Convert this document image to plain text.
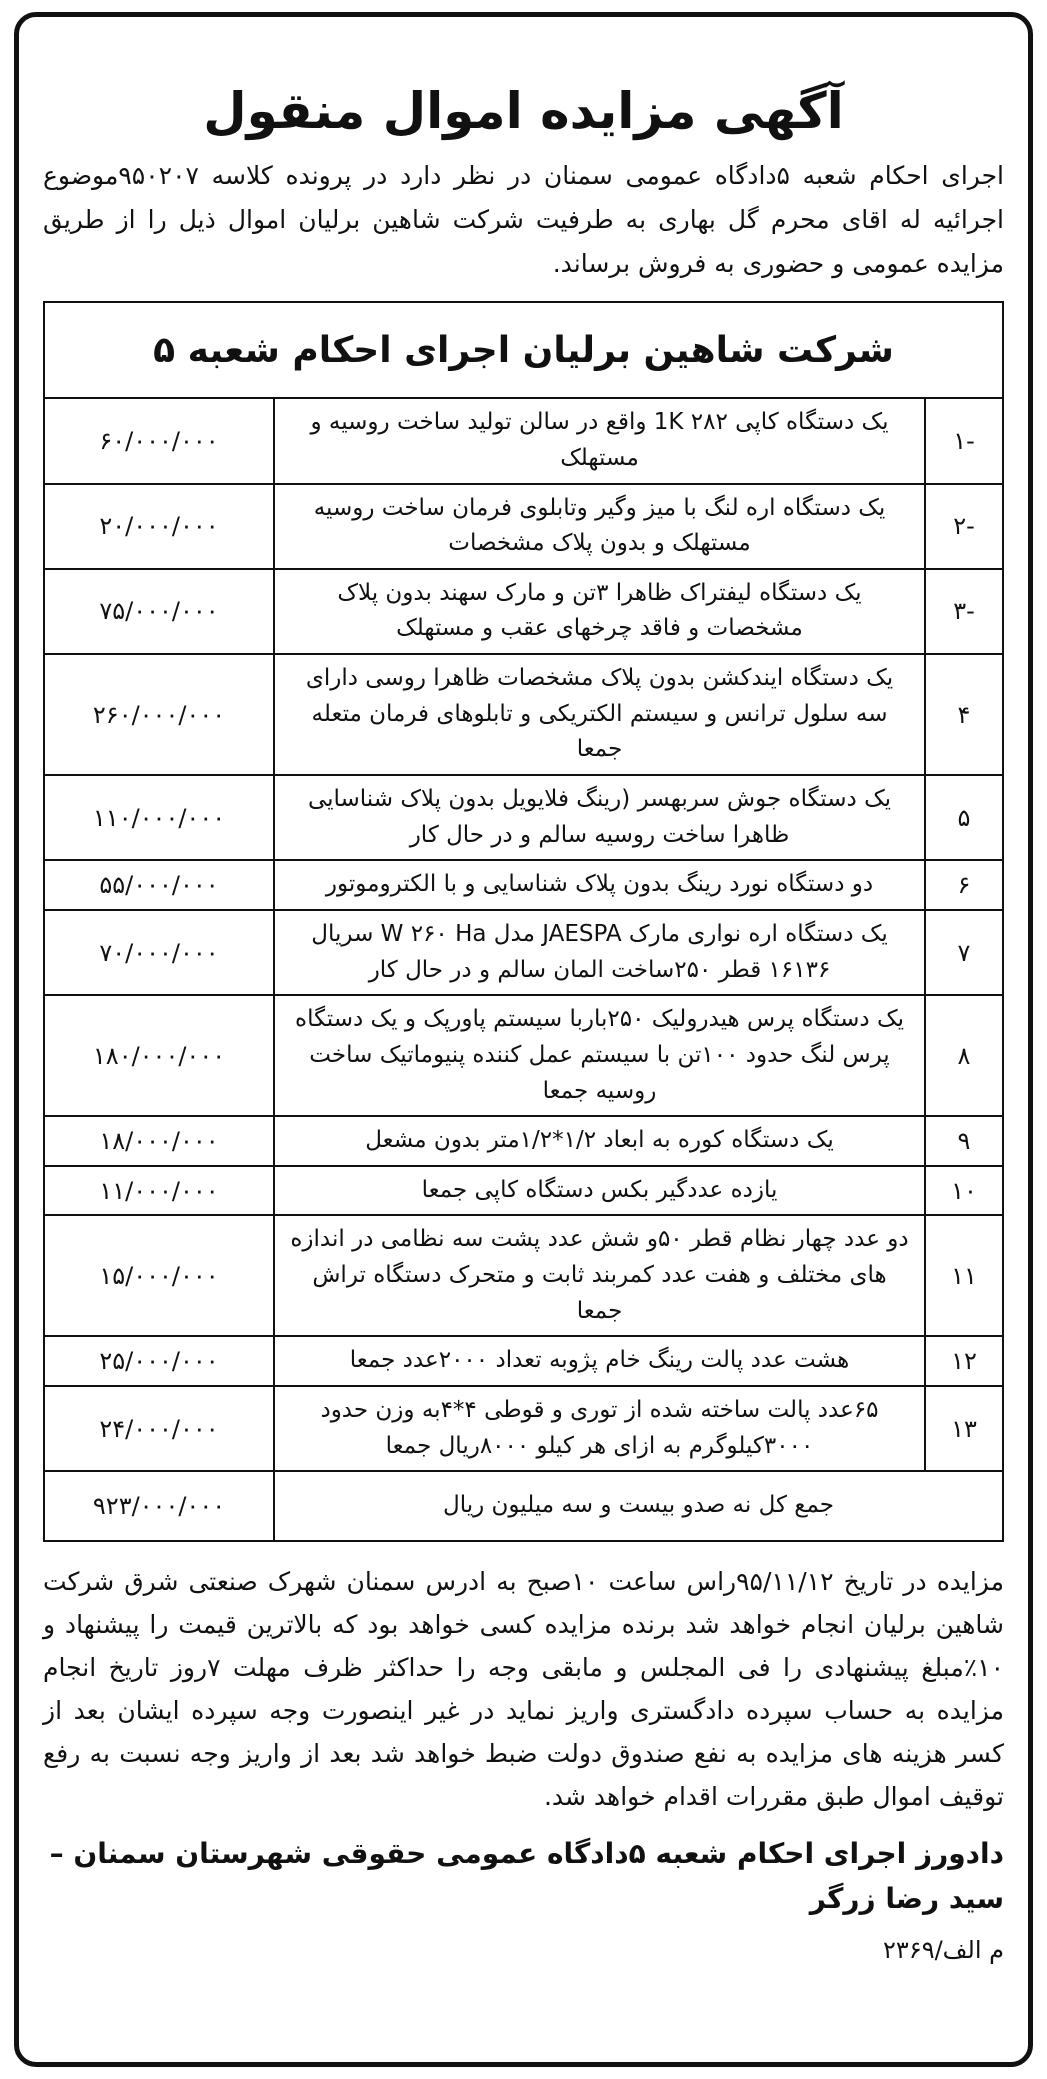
آگهی مزایده اموال منقول

اجرای احکام شعبه ۵دادگاه عمومی سمنان در نظر دارد در پرونده کلاسه ۹۵۰۲۰۷موضوع اجرائیه له اقای محرم گل بهاری به طرفیت شرکت شاهین برلیان اموال ذیل را از طریق مزایده عمومی و حضوری به فروش برساند.

شرکت شاهین برلیان اجرای احکام شعبه ۵		
-۱	یک دستگاه کاپی ۲۸۲ 1K واقع در سالن تولید ساخت روسیه و مستهلک	۶۰/۰۰۰/۰۰۰
-۲	یک دستگاه اره لنگ با میز وگیر وتابلوی فرمان ساخت روسیه مستهلک و بدون پلاک مشخصات	۲۰/۰۰۰/۰۰۰
-۳	یک دستگاه لیفتراک ظاهرا ۳تن و مارک سهند بدون پلاک مشخصات و فاقد چرخهای عقب و مستهلک	۷۵/۰۰۰/۰۰۰
۴	یک دستگاه ایندکشن بدون پلاک مشخصات ظاهرا روسی دارای سه سلول ترانس و سیستم الکتریکی و تابلوهای فرمان متعله جمعا	۲۶۰/۰۰۰/۰۰۰
۵	یک دستگاه جوش سربهسر (رینگ فلایویل بدون پلاک شناسایی ظاهرا ساخت روسیه سالم و در حال کار	۱۱۰/۰۰۰/۰۰۰
۶	دو دستگاه نورد رینگ بدون پلاک شناسایی و با الکتروموتور	۵۵/۰۰۰/۰۰۰
۷	یک دستگاه اره نواری مارک JAESPA مدل W ۲۶۰ Ha سریال ۱۶۱۳۶ قطر ۲۵۰ساخت المان سالم و در حال کار	۷۰/۰۰۰/۰۰۰
۸	یک دستگاه پرس هیدرولیک ۲۵۰باربا سیستم پاورپک و یک دستگاه پرس لنگ حدود ۱۰۰تن با سیستم عمل کننده پنیوماتیک ساخت روسیه جمعا	۱۸۰/۰۰۰/۰۰۰
۹	یک دستگاه کوره به ابعاد ۱/۲*۱/۲متر بدون مشعل	۱۸/۰۰۰/۰۰۰
۱۰	یازده عددگیر بکس دستگاه کاپی جمعا	۱۱/۰۰۰/۰۰۰
۱۱	دو عدد چهار نظام قطر ۵۰و شش عدد پشت سه نظامی در اندازه های مختلف و هفت عدد کمربند ثابت و متحرک دستگاه تراش جمعا	۱۵/۰۰۰/۰۰۰
۱۲	هشت عدد پالت رینگ خام پژوبه تعداد ۲۰۰۰عدد جمعا	۲۵/۰۰۰/۰۰۰
۱۳	۶۵عدد پالت ساخته شده از توری و قوطی ۴*۴به وزن حدود ۳۰۰۰کیلوگرم به ازای هر کیلو ۸۰۰۰ریال جمعا	۲۴/۰۰۰/۰۰۰
جمع کل نه صدو بیست و سه میلیون ریال		۹۲۳/۰۰۰/۰۰۰

مزایده در تاریخ ۹۵/۱۱/۱۲راس ساعت ۱۰صبح به ادرس سمنان شهرک صنعتی شرق شرکت شاهین برلیان انجام خواهد شد برنده مزایده کسی خواهد بود که بالاترین قیمت را پیشنهاد و ۱۰٪مبلغ پیشنهادی را فی المجلس و مابقی وجه را حداکثر ظرف مهلت ۷روز تاریخ انجام مزایده به حساب سپرده دادگستری واریز نماید در غیر اینصورت وجه سپرده ایشان بعد از کسر هزینه های مزایده به نفع صندوق دولت ضبط خواهد شد بعد از واریز وجه نسبت به رفع توقیف اموال طبق مقررات اقدام خواهد شد.

دادورز اجرای احکام شعبه ۵دادگاه عمومی حقوقی شهرستان سمنان –
سید رضا زرگر
م الف/۲۳۶۹
